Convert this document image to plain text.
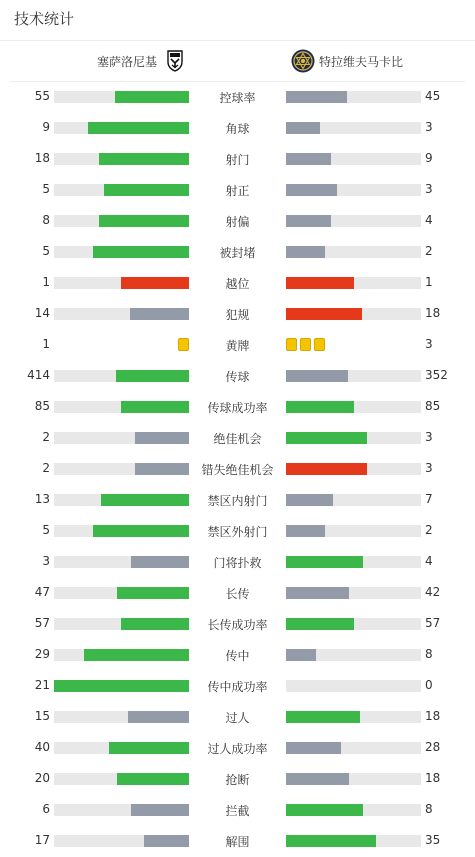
技术统计
塞萨洛尼基	特拉维夫马卡比
55	控球率	45
9	角球	3
18	射门	9
5	射正	3
8	射偏	4
5	被封堵	2
1	越位	1
14	犯规	18
1	黄牌	3
414	传球	352
85	传球成功率	85
2	绝佳机会	3
2	错失绝佳机会	3
13	禁区内射门	7
5	禁区外射门	2
3	门将扑救	4
47	长传	42
57	长传成功率	57
29	传中	8
21	传中成功率	0
15	过人	18
40	过人成功率	28
20	抢断	18
6	拦截	8
17	解围	35
